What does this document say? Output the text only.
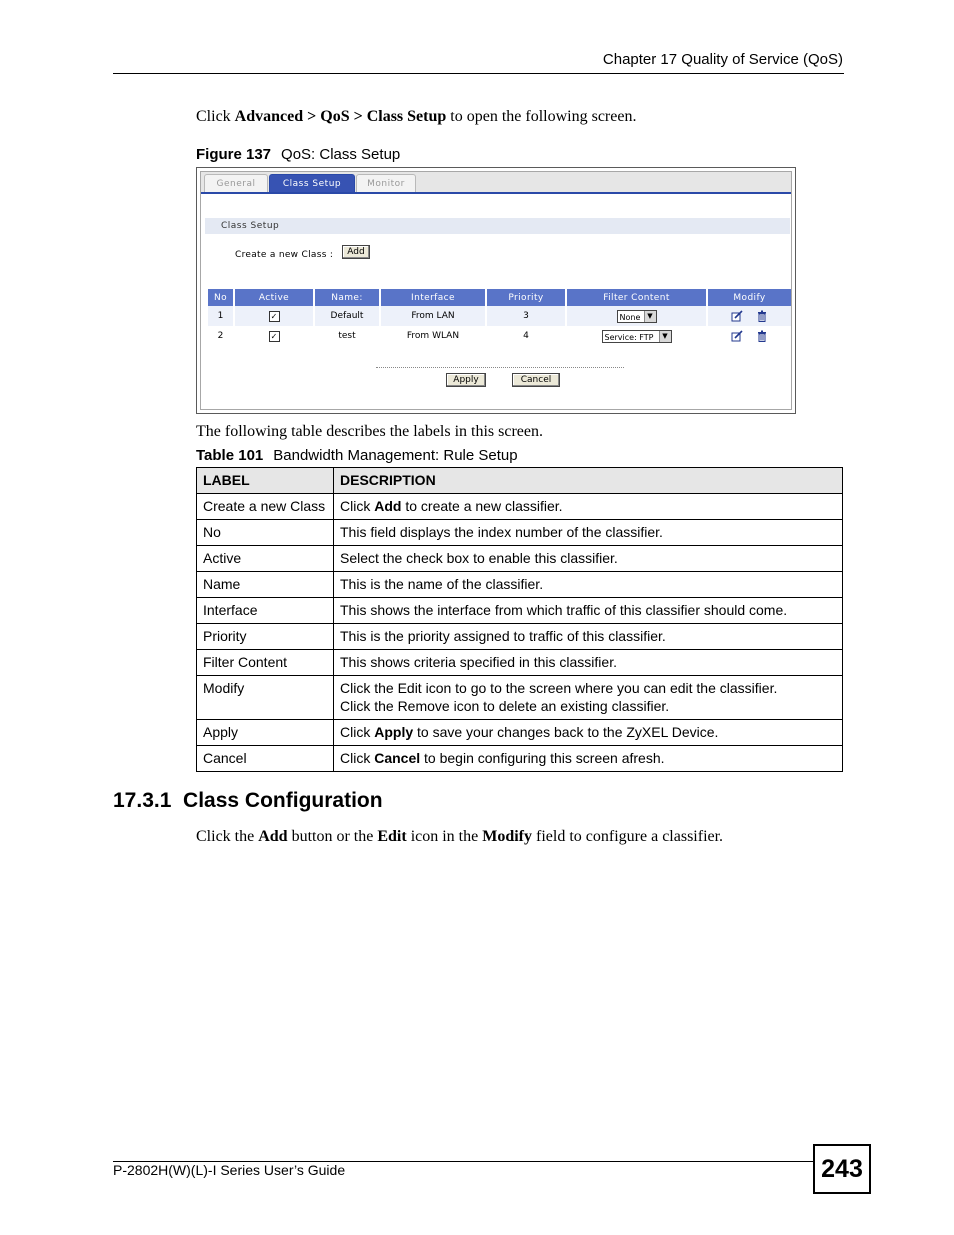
Chapter 17 Quality of Service (QoS)
Click Advanced > QoS > Class Setup to open the following screen.
Figure 137 QoS: Class Setup
General	Class Setup	Monitor
Class Setup
Create a new Class :	Add
No	Active	Name:	Interface	Priority	Filter Content	Modify
1	✓	Default	From LAN	3	None ▼

2	✓	test	From WLAN	4	Service: FTP ▼

Apply	Cancel
The following table describes the labels in this screen.
Table 101 Bandwidth Management: Rule Setup
LABEL	DESCRIPTION
Create a new Class	Click Add to create a new classifier.
No	This field displays the index number of the classifier.
Active	Select the check box to enable this classifier.
Name	This is the name of the classifier.
Interface	This shows the interface from which traffic of this classifier should come.
Priority	This is the priority assigned to traffic of this classifier.
Filter Content	This shows criteria specified in this classifier.
Modify	Click the Edit icon to go to the screen where you can edit the classifier.
Click the Remove icon to delete an existing classifier.

Apply	Click Apply to save your changes back to the ZyXEL Device.
Cancel	Click Cancel to begin configuring this screen afresh.
17.3.1  Class Configuration
Click the Add button or the Edit icon in the Modify field to configure a classifier.
P-2802H(W)(L)-I Series User’s Guide	243
